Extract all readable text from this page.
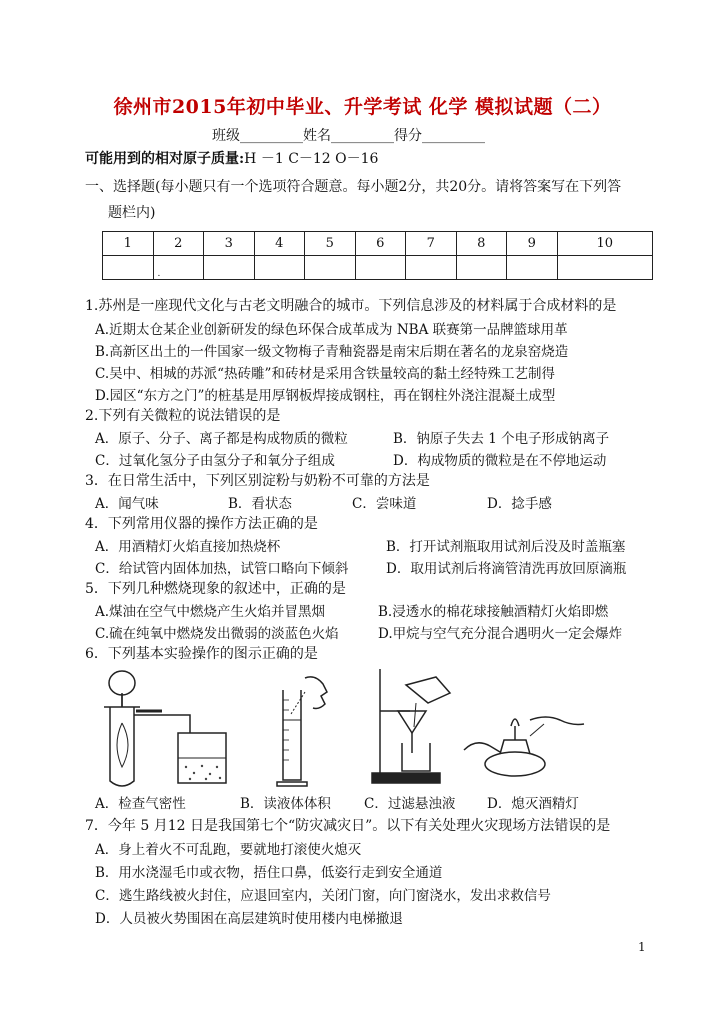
徐州市2015年初中毕业、升学考试 化学 模拟试题（二）
班级_________姓名_________得分_________
可能用到的相对原子质量:H －1 C－12 O－16
一、选择题(每小题只有一个选项符合题意。每小题2分，共20分。请将答案写在下列答
题栏内)
1	2	3	4	5	6	7	8	9	10
	.								
1.苏州是一座现代文化与古老文明融合的城市。下列信息涉及的材料属于合成材料的是
A.近期太仓某企业创新研发的绿色环保合成革成为 NBA 联赛第一品牌篮球用革
B.高新区出土的一件国家一级文物梅子青釉瓷器是南宋后期在著名的龙泉窑烧造
C.吴中、相城的苏派“热砖雕”和砖材是采用含铁量较高的黏土经特殊工艺制得
D.园区“东方之门”的桩基是用厚钢板焊接成钢柱，再在钢柱外浇注混凝土成型
2.下列有关微粒的说法错误的是
A．原子、分子、离子都是构成物质的微粒	B．钠原子失去 1 个电子形成钠离子
C．过氧化氢分子由氢分子和氧分子组成	D．构成物质的微粒是在不停地运动
3．在日常生活中，下列区别淀粉与奶粉不可靠的方法是
A．闻气味	B．看状态	C．尝味道	D．捻手感
4．下列常用仪器的操作方法正确的是
A．用酒精灯火焰直接加热烧杯	B．打开试剂瓶取用试剂后没及时盖瓶塞
C．给试管内固体加热，试管口略向下倾斜	D．取用试剂后将滴管清洗再放回原滴瓶
5．下列几种燃烧现象的叙述中，正确的是
A.煤油在空气中燃烧产生火焰并冒黑烟	B.浸透水的棉花球接触酒精灯火焰即燃
C.硫在纯氧中燃烧发出微弱的淡蓝色火焰	D.甲烷与空气充分混合遇明火一定会爆炸
6．下列基本实验操作的图示正确的是
A．检查气密性	B．读液体体积 C．过滤悬浊液 D．熄灭酒精灯
7．今年 5 月12 日是我国第七个“防灾减灾日”。以下有关处理火灾现场方法错误的是
A．身上着火不可乱跑，要就地打滚使火熄灭
B．用水浇湿毛巾或衣物，捂住口鼻，低姿行走到安全通道
C．逃生路线被火封住，应退回室内，关闭门窗，向门窗浇水，发出求救信号
D．人员被火势围困在高层建筑时使用楼内电梯撤退
1
